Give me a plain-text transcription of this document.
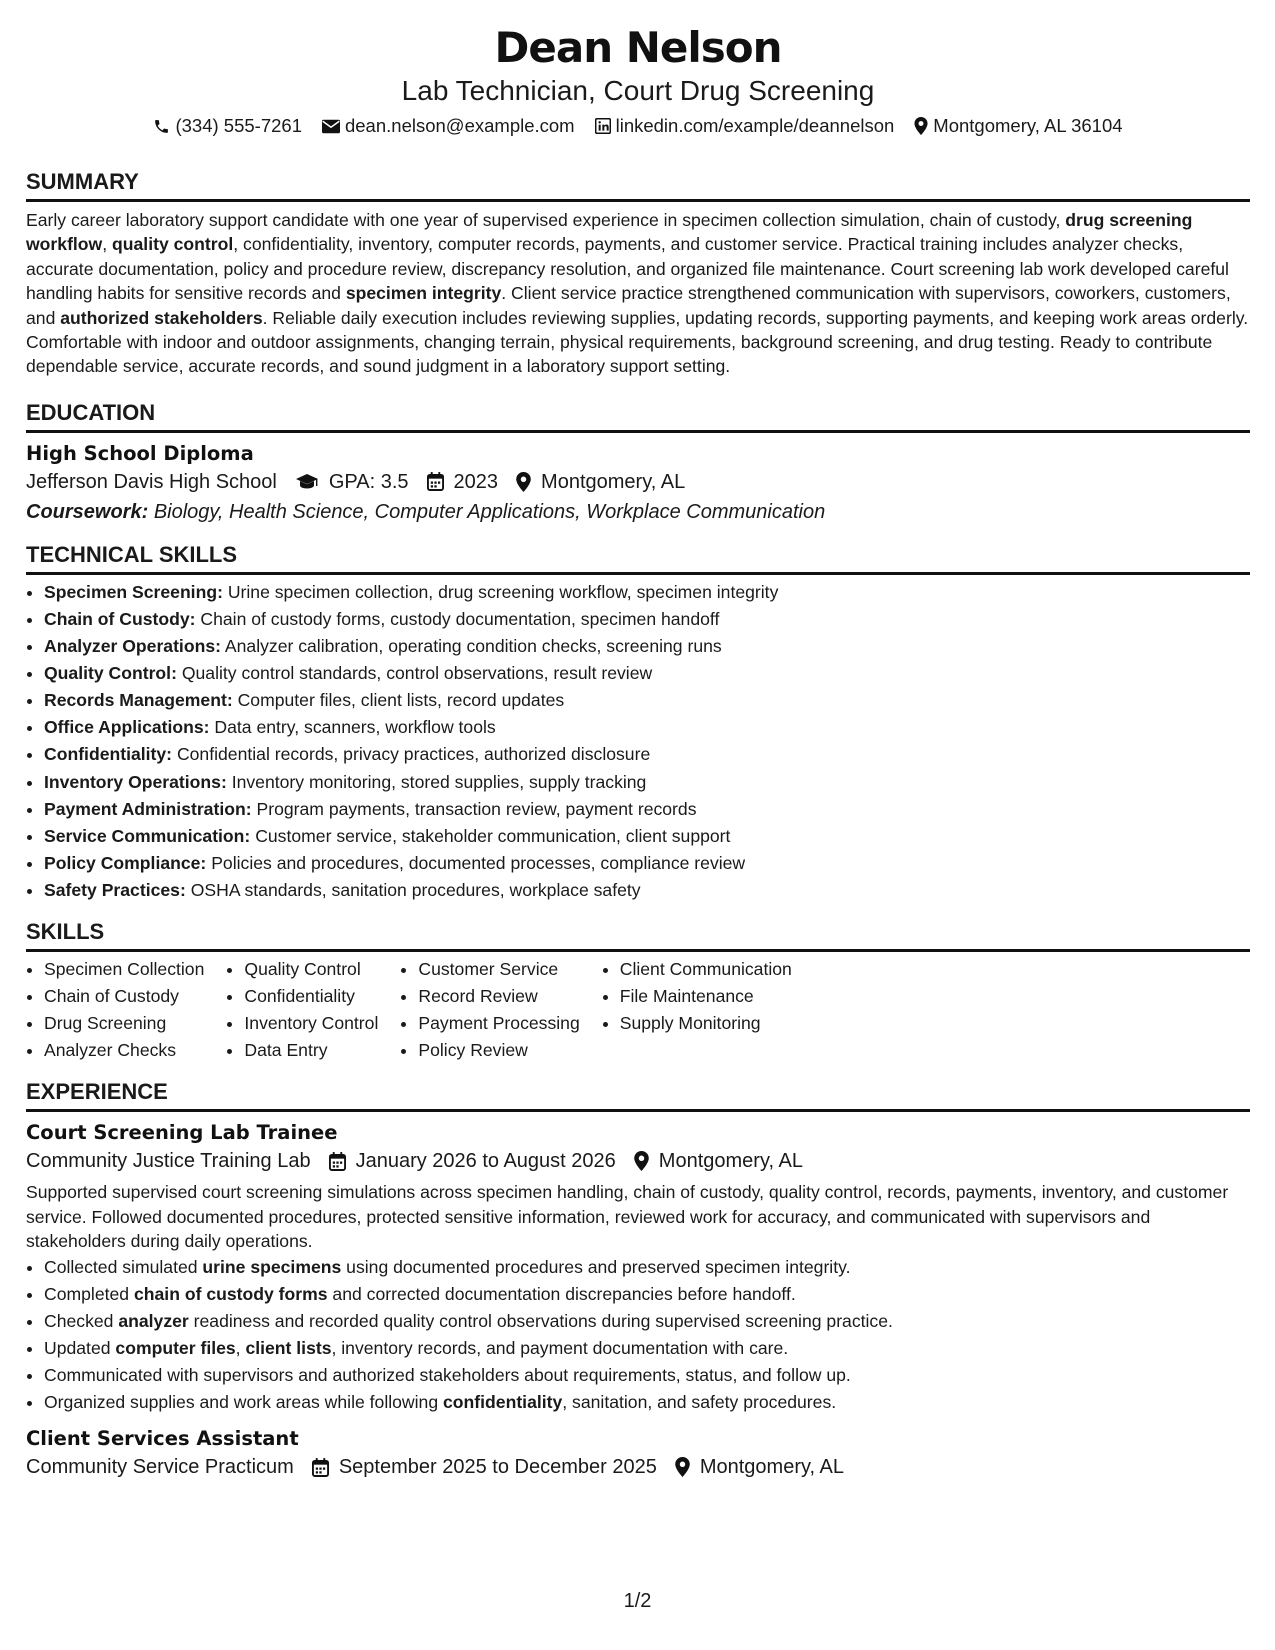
Dean Nelson

Lab Technician, Court Drug Screening

(334) 555-7261 dean.nelson@example.com linkedin.com/example/deannelson Montgomery, AL 36104
SUMMARY

Early career laboratory support candidate with one year of supervised experience in specimen collection simulation, chain of custody, drug screening workflow, quality control, confidentiality, inventory, computer records, payments, and customer service. Practical training includes analyzer checks, accurate documentation, policy and procedure review, discrepancy resolution, and organized file maintenance. Court screening lab work developed careful handling habits for sensitive records and specimen integrity. Client service practice strengthened communication with supervisors, coworkers, customers, and authorized stakeholders. Reliable daily execution includes reviewing supplies, updating records, supporting payments, and keeping work areas orderly. Comfortable with indoor and outdoor assignments, changing terrain, physical requirements, background screening, and drug testing. Ready to contribute dependable service, accurate records, and sound judgment in a laboratory support setting.

EDUCATION
High School Diploma
Jefferson Davis High School	GPA: 3.5 2023 Montgomery, AL
Coursework: Biology, Health Science, Computer Applications, Workplace Communication
TECHNICAL SKILLS
• Specimen Screening: Urine specimen collection, drug screening workflow, specimen integrity
• Chain of Custody: Chain of custody forms, custody documentation, specimen handoff
• Analyzer Operations: Analyzer calibration, operating condition checks, screening runs
• Quality Control: Quality control standards, control observations, result review
• Records Management: Computer files, client lists, record updates
• Office Applications: Data entry, scanners, workflow tools
• Confidentiality: Confidential records, privacy practices, authorized disclosure
• Inventory Operations: Inventory monitoring, stored supplies, supply tracking
• Payment Administration: Program payments, transaction review, payment records
• Service Communication: Customer service, stakeholder communication, client support
• Policy Compliance: Policies and procedures, documented processes, compliance review
• Safety Practices: OSHA standards, sanitation procedures, workplace safety
SKILLS
• Specimen Collection
• Chain of Custody
• Drug Screening
• Analyzer Checks
• Quality Control
• Confidentiality
• Inventory Control
• Data Entry
• Customer Service
• Record Review
• Payment Processing
• Policy Review
• Client Communication
• File Maintenance
• Supply Monitoring
EXPERIENCE
Court Screening Lab Trainee
Community Justice Training Lab January 2026 to August 2026 Montgomery, AL

Supported supervised court screening simulations across specimen handling, chain of custody, quality control, records, payments, inventory, and customer service. Followed documented procedures, protected sensitive information, reviewed work for accuracy, and communicated with supervisors and stakeholders during daily operations.

• Collected simulated urine specimens using documented procedures and preserved specimen integrity.
• Completed chain of custody forms and corrected documentation discrepancies before handoff.
• Checked analyzer readiness and recorded quality control observations during supervised screening practice.
• Updated computer files, client lists, inventory records, and payment documentation with care.
• Communicated with supervisors and authorized stakeholders about requirements, status, and follow up.
• Organized supplies and work areas while following confidentiality, sanitation, and safety procedures.
Client Services Assistant
Community Service Practicum September 2025 to December 2025 Montgomery, AL
1/2
